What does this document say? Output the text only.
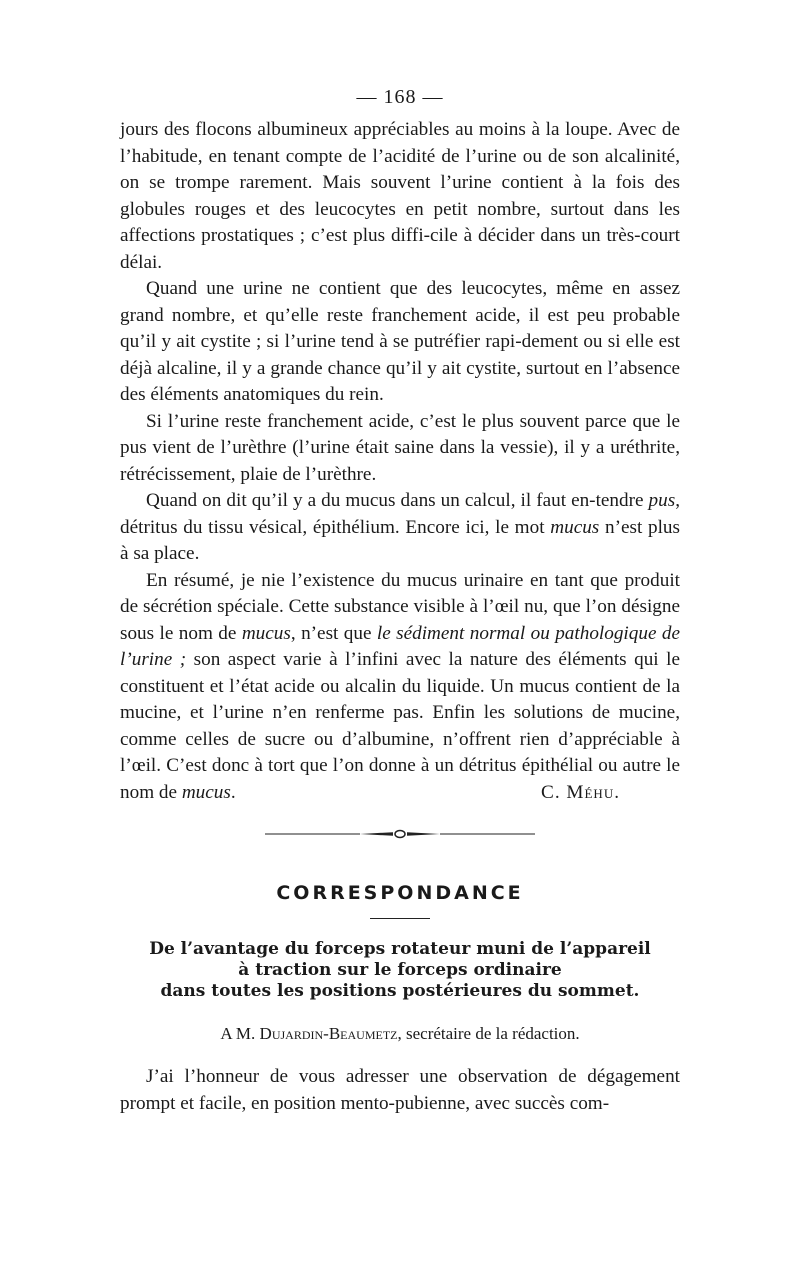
— 168 —

jours des flocons albumineux appréciables au moins à la loupe. Avec de l’habitude, en tenant compte de l’acidité de l’urine ou de son alcalinité, on se trompe rarement. Mais souvent l’urine contient à la fois des globules rouges et des leucocytes en petit nombre, surtout dans les affections prostatiques ; c’est plus diffi-cile à décider dans un très-court délai.

Quand une urine ne contient que des leucocytes, même en assez grand nombre, et qu’elle reste franchement acide, il est peu probable qu’il y ait cystite ; si l’urine tend à se putréfier rapi-dement ou si elle est déjà alcaline, il y a grande chance qu’il y ait cystite, surtout en l’absence des éléments anatomiques du rein.

Si l’urine reste franchement acide, c’est le plus souvent parce que le pus vient de l’urèthre (l’urine était saine dans la vessie), il y a uréthrite, rétrécissement, plaie de l’urèthre.

Quand on dit qu’il y a du mucus dans un calcul, il faut en-tendre pus, détritus du tissu vésical, épithélium. Encore ici, le mot mucus n’est plus à sa place.

En résumé, je nie l’existence du mucus urinaire en tant que produit de sécrétion spéciale. Cette substance visible à l’œil nu, que l’on désigne sous le nom de mucus, n’est que le sédiment normal ou pathologique de l’urine ; son aspect varie à l’infini avec la nature des éléments qui le constituent et l’état acide ou alcalin du liquide. Un mucus contient de la mucine, et l’urine n’en renferme pas. Enfin les solutions de mucine, comme celles de sucre ou d’albumine, n’offrent rien d’appréciable à l’œil. C’est donc à tort que l’on donne à un détritus épithélial ou autre le nom de mucus.	C. Méhu.

CORRESPONDANCE
De l’avantage du forceps rotateur muni de l’appareil
à traction sur le forceps ordinaire
dans toutes les positions postérieures du sommet.
A M. Dujardin-Beaumetz, secrétaire de la rédaction.

J’ai l’honneur de vous adresser une observation de dégagement prompt et facile, en position mento-pubienne, avec succès com-
